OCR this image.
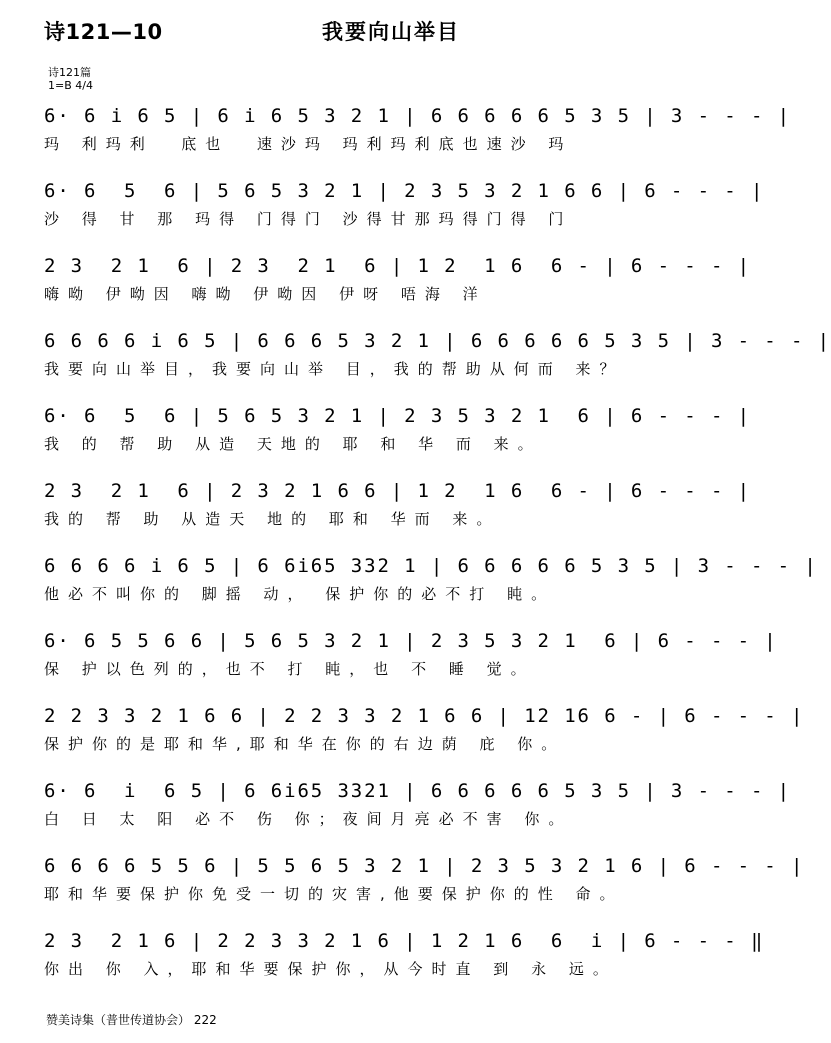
诗121—10	我要向山举目
诗121篇
1=B 4/4
6· 6 i 6 5 | 6 i 6 5 3 2 1 | 6 6 6 6 6 5 3 5 | 3 - - - |
玛 利玛利  底也  速沙玛 玛利玛利底也速沙 玛
6· 6  5  6 | 5 6 5 3 2 1 | 2 3 5 3 2 1 6 6 | 6 - - - |
沙 得 甘 那 玛得 门得门 沙得甘那玛得门得 门
2 3  2 1  6 | 2 3  2 1  6 | 1 2  1 6  6 - | 6 - - - |
嗨呦 伊呦因 嗨呦 伊呦因 伊呀 唔海 洋
6 6 6 6 i 6 5 | 6 6 6 5 3 2 1 | 6 6 6 6 6 5 3 5 | 3 - - - |
我要向山举目，我要向山举 目，我的帮助从何而 来？
6· 6  5  6 | 5 6 5 3 2 1 | 2 3 5 3 2 1  6 | 6 - - - |
我 的 帮 助 从造 天地的 耶 和 华 而 来。
2 3  2 1  6 | 2 3 2 1 6 6 | 1 2  1 6  6 - | 6 - - - |
我的 帮 助 从造天 地的 耶和 华而 来。
6 6 6 6 i 6 5 | 6 6i65 332 1 | 6 6 6 6 6 5 3 5 | 3 - - - |
他必不叫你的 脚摇 动， 保护你的必不打 盹。
6· 6 5 5 6 6 | 5 6 5 3 2 1 | 2 3 5 3 2 1  6 | 6 - - - |
保 护以色列的，也不 打 盹，也 不 睡 觉。
2 2 3 3 2 1 6 6 | 2 2 3 3 2 1 6 6 | 12 16 6 - | 6 - - - |
保护你的是耶和华,耶和华在你的右边荫 庇 你。
6· 6  i  6 5 | 6 6i65 3321 | 6 6 6 6 6 5 3 5 | 3 - - - |
白 日 太 阳 必不 伤 你；夜间月亮必不害 你。
6 6 6 6 5 5 6 | 5 5 6 5 3 2 1 | 2 3 5 3 2 1 6 | 6 - - - |
耶和华要保护你免受一切的灾害,他要保护你的性 命。
2 3  2 1 6 | 2 2 3 3 2 1 6 | 1 2 1 6  6  i | 6 - - - ‖
你出 你 入，耶和华要保护你，从今时直 到 永 远。
赞美诗集（普世传道协会） 222
